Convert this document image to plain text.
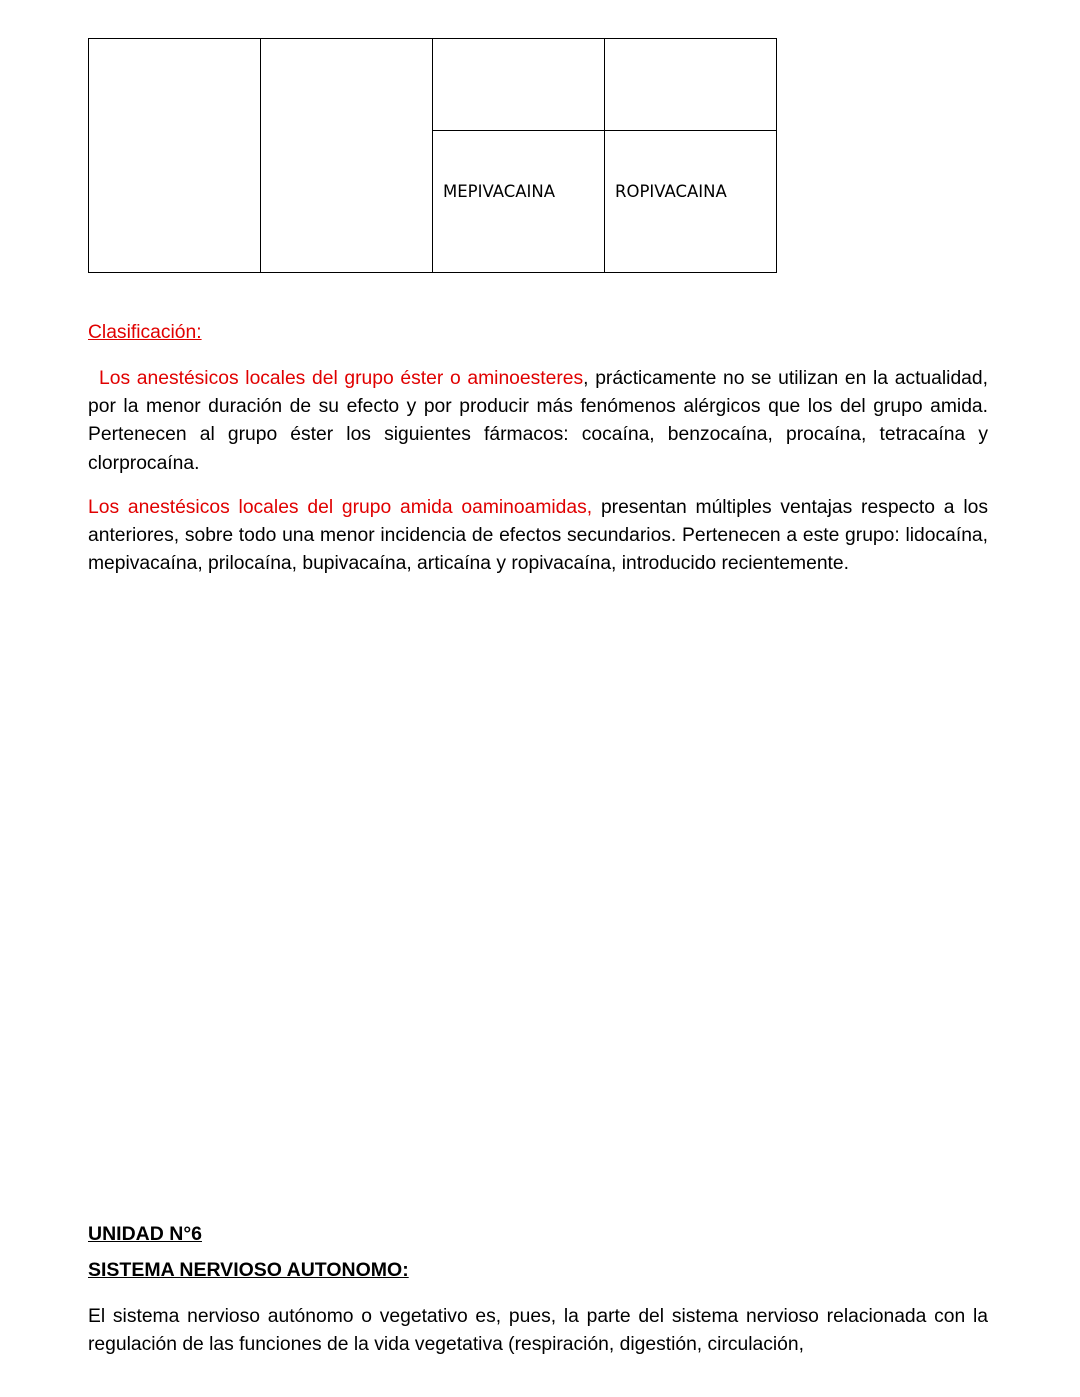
MEPIVACAINA	ROPIVACAINA
Clasificación:
Los anestésicos locales del grupo éster o aminoesteres, prácticamente no se utilizan en la actualidad, por la menor duración de su efecto y por producir más fenómenos alérgicos que los del grupo amida. Pertenecen al grupo éster los siguientes fármacos: cocaína, benzocaína, procaína, tetracaína y clorprocaína.
Los anestésicos locales del grupo amida oaminoamidas, presentan múltiples ventajas respecto a los anteriores, sobre todo una menor incidencia de efectos secundarios. Pertenecen a este grupo: lidocaína, mepivacaína, prilocaína, bupivacaína, articaína y ropivacaína, introducido recientemente.
UNIDAD N°6
SISTEMA NERVIOSO AUTONOMO:
El sistema nervioso autónomo o vegetativo es, pues, la parte del sistema nervioso relacionada con la regulación de las funciones de la vida vegetativa (respiración, digestión, circulación,
